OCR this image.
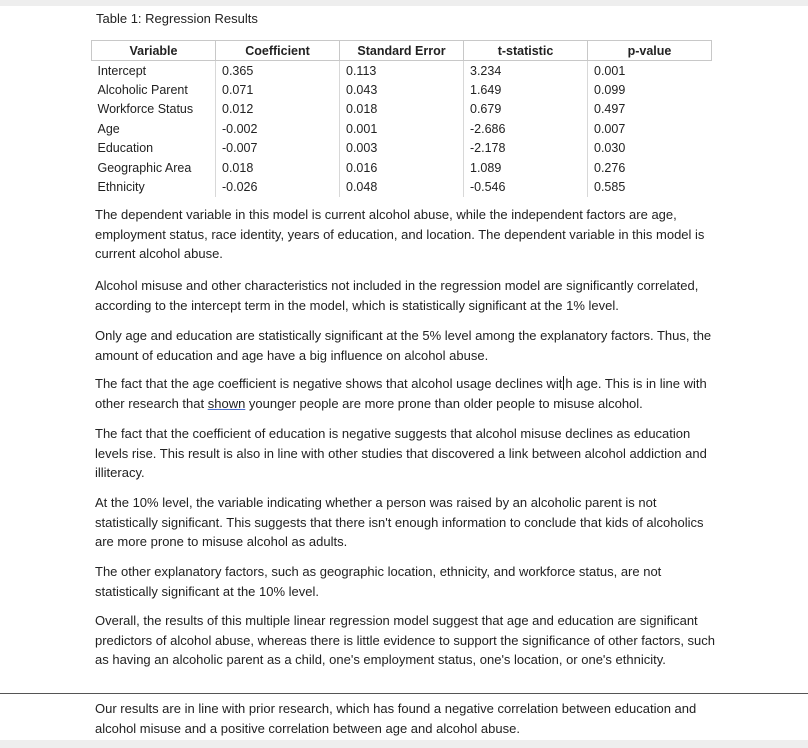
Table 1: Regression Results
Variable	Coefficient	Standard Error	t-statistic	p-value
Intercept	0.365	0.113	3.234	0.001
Alcoholic Parent	0.071	0.043	1.649	0.099
Workforce Status	0.012	0.018	0.679	0.497
Age	-0.002	0.001	-2.686	0.007
Education	-0.007	0.003	-2.178	0.030
Geographic Area	0.018	0.016	1.089	0.276
Ethnicity	-0.026	0.048	-0.546	0.585
The dependent variable in this model is current alcohol abuse, while the independent factors are age, employment status, race identity, years of education, and location. The dependent variable in this model is current alcohol abuse.
Alcohol misuse and other characteristics not included in the regression model are significantly correlated, according to the intercept term in the model, which is statistically significant at the 1% level.
Only age and education are statistically significant at the 5% level among the explanatory factors. Thus, the amount of education and age have a big influence on alcohol abuse.
The fact that the age coefficient is negative shows that alcohol usage declines wit h age. This is in line with other research that shown younger people are more prone than older people to misuse alcohol.
The fact that the coefficient of education is negative suggests that alcohol misuse declines as education levels rise. This result is also in line with other studies that discovered a link between alcohol addiction and illiteracy.
At the 10% level, the variable indicating whether a person was raised by an alcoholic parent is not statistically significant. This suggests that there isn't enough information to conclude that kids of alcoholics are more prone to misuse alcohol as adults.
The other explanatory factors, such as geographic location, ethnicity, and workforce status, are not statistically significant at the 10% level.
Overall, the results of this multiple linear regression model suggest that age and education are significant predictors of alcohol abuse, whereas there is little evidence to support the significance of other factors, such as having an alcoholic parent as a child, one's employment status, one's location, or one's ethnicity.
Our results are in line with prior research, which has found a negative correlation between education and alcohol misuse and a positive correlation between age and alcohol abuse.
